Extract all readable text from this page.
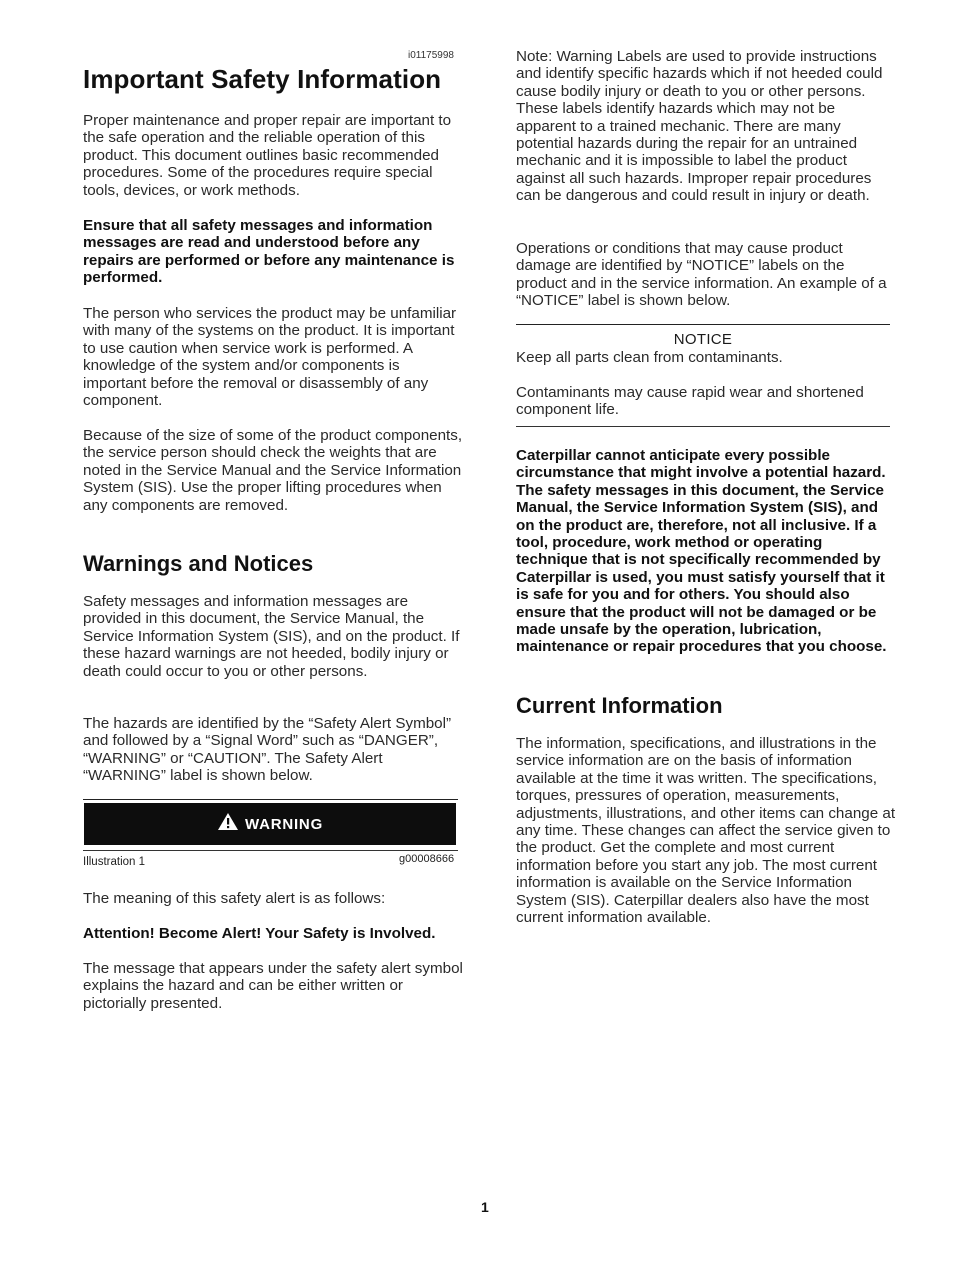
i01175998
Important Safety Information

Proper maintenance and proper repair are important to the safe operation and the reliable operation of this product. This document outlines basic recommended procedures. Some of the procedures require special tools, devices, or work methods.

Ensure that all safety messages and information messages are read and understood before any repairs are performed or before any maintenance is performed.

The person who services the product may be unfamiliar with many of the systems on the product. It is important to use caution when service work is performed. A knowledge of the system and/or components is important before the removal or disassembly of any component.

Because of the size of some of the product components, the service person should check the weights that are noted in the Service Manual and the Service Information System (SIS). Use the proper lifting procedures when any components are removed.

Warnings and Notices

Safety messages and information messages are provided in this document, the Service Manual, the Service Information System (SIS), and on the product. If these hazard warnings are not heeded, bodily injury or death could occur to you or other persons.

The hazards are identified by the “Safety Alert Symbol” and followed by a “Signal Word” such as “DANGER”, “WARNING” or “CAUTION”. The Safety Alert “WARNING” label is shown below.

WARNING
Illustration 1	g00008666

The meaning of this safety alert is as follows:

Attention! Become Alert! Your Safety is Involved.

The message that appears under the safety alert symbol explains the hazard and can be either written or pictorially presented.

Note: Warning Labels are used to provide instructions and identify specific hazards which if not heeded could cause bodily injury or death to you or other persons. These labels identify hazards which may not be apparent to a trained mechanic. There are many potential hazards during the repair for an untrained mechanic and it is impossible to label the product against all such hazards. Improper repair procedures can be dangerous and could result in injury or death.

Operations or conditions that may cause product damage are identified by “NOTICE” labels on the product and in the service information. An example of a “NOTICE” label is shown below.

NOTICE

Keep all parts clean from contaminants.

Contaminants may cause rapid wear and shortened component life.

Caterpillar cannot anticipate every possible circumstance that might involve a potential hazard. The safety messages in this document, the Service Manual, the Service Information System (SIS), and on the product are, therefore, not all inclusive. If a tool, procedure, work method or operating technique that is not specifically recommended by Caterpillar is used, you must satisfy yourself that it is safe for you and for others. You should also ensure that the product will not be damaged or be made unsafe by the operation, lubrication, maintenance or repair procedures that you choose.

Current Information

The information, specifications, and illustrations in the service information are on the basis of information available at the time it was written. The specifications, torques, pressures of operation, measurements, adjustments, illustrations, and other items can change at any time. These changes can affect the service given to the product. Get the complete and most current information before you start any job. The most current information is available on the Service Information System (SIS). Caterpillar dealers also have the most current information available.

1
